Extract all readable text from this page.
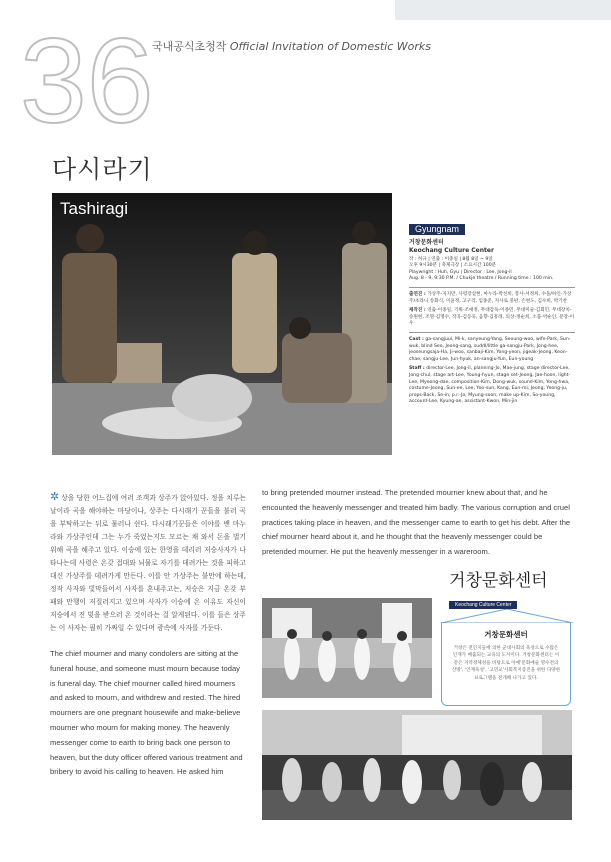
36
국내공식초청작 Official Invitation of Domestic Works
다시라기
Tashiragi
Gyungnam
거창문화센터
Keochang Culture Center
작 : 허규 | 연출 : 이종일 | 8월 8일 ~ 9일
오후 9시30분 | 축제극장 | 소요시간 100분
Playwright : Huh, Gyu | Director : Lee, Jong-il
Aug. 8 - 9, 9:30 P.M. / Chukje theatre / Running time : 100 min.

출연진 : 가상주-지지만, 사령장삼현, 마누라-박선희, 봉사-서정희, 수돌/하인-가상주/초라니 송화식, 이윤정, 고구리, 임종준, 자사로 중판, 손현도, 김수희, 박기찬

제작진 : 연출-이종일, 기획-조애정, 무대감독-이종민, 무대미술-김회민, 무대장치-송원현, 조명-김명수, 작곡-김동욱, 음향-김흥래, 의상-정순희, 소품-박순인, 분장-이우

Cast : ga-sangjuui, Mi-k, sanyeung-Yang, Seoung-woo, wife-Park, Sun-wuk, blind Seo, Jeong-sang, suddl/little ga-sangju-Park, Jong-hee, jeoseungsaja-Ha, Ji-woo, sanbaji-Kim, Yong-yeon, jigeak-Jeong, Keon-chae, sangju-Lee, Jun-hyuk, an-sangju-Yun, Eun-young

Staff : director-Lee, Jong-il, planning-Jo, Mae-jung, stage director-Lee, Jong-chul, stage art-Lee, Young-hyun, stage set-Jeong, Jae-hoon, light-Lee, Myeong-dae, composition-Kim, Dong-wuk, sound-Kim, Yong-hwa, costume-Jeong, Sun-ee, Lee, Yoo-sun, Kang, Eun-mi, Jeong, Yeong-ju, props-Back, Se-in, p.r.-Jo, Myung-soon, make up-Kim, So-young, account-Lee, Kyung-ae, assistant-Kwon, Min-jin

✲ 상을 당한 어느집에 여러 조객과 상주가 앉아있다. 정을 치루는 날이라 곡을 해야하는 마당이나, 상주는 다시래기 꾼들을 불러 곡을 부탁하고는 뒤로 물러나 쉰다. 다시래기꾼들은 이야를 밴 마누라와 가상주인데 그는 누가 죽었는지도 모르는 채 와서 돈을 벌기위해 곡을 해주고 있다. 이승에 있는 한영을 데리러 저승사자가 나타나는데 사령은 온갖 접대와 뇌물로 자기를 데려가는 것을 피하고 대신 가상주를 데려가게 만든다. 이를 안 가상주는 불만에 하는데, 정작 사자와 빛막들어서 사자를 혼내주고는, 저승은 지금 온갖 부패와 만행이 저질러지고 있으며 사자가 이승에 온 이유도 자신이 저승에서 진 빚을 받으러 온 것이라는 걸 알게된다. 이를 들은 상주는 이 사자는 필히 가짜일 수 있다며 광속에 사자를 가둔다.

The chief mourner and many condolers are sitting at the funeral house, and someone must mourn because today is funeral day. The chief mourner called hired mourners and asked to mourn, and withdrew and rested. The hired mourners are one pregnant housewife and make-believe mourner who mourn for making money. The heavenly messenger come to earth to bring back one person to heaven, but the duty officer offered various treatment and bribery to avoid his calling to heaven. He asked him

to bring pretended mourner instead. The pretended mourner knew about that, and he encounted the heavenly messenger and treated him badly. The various corruption and cruel practices taking place in heaven, and the messenger came to earth to get his debt. After the chief mourner heard about it, and he thought that the heavenly messenger could be pretended mourner. He put the heavenly messenger in a wareroom.
거창문화센터
Keochang Culture Center
거창문화센터
거창은 전인지들에 의한 군대사회의 육성으로 수많은 인재가 배출되는 교육의 도시이다. 거창문화센터는 이같은 지역정체성을 바탕으로 아예'문화예술 명수전의 산방', '인재육성', '고민교'사회복지증진을 위한 다양한 프로그램을 전개해 나가고 있다.
